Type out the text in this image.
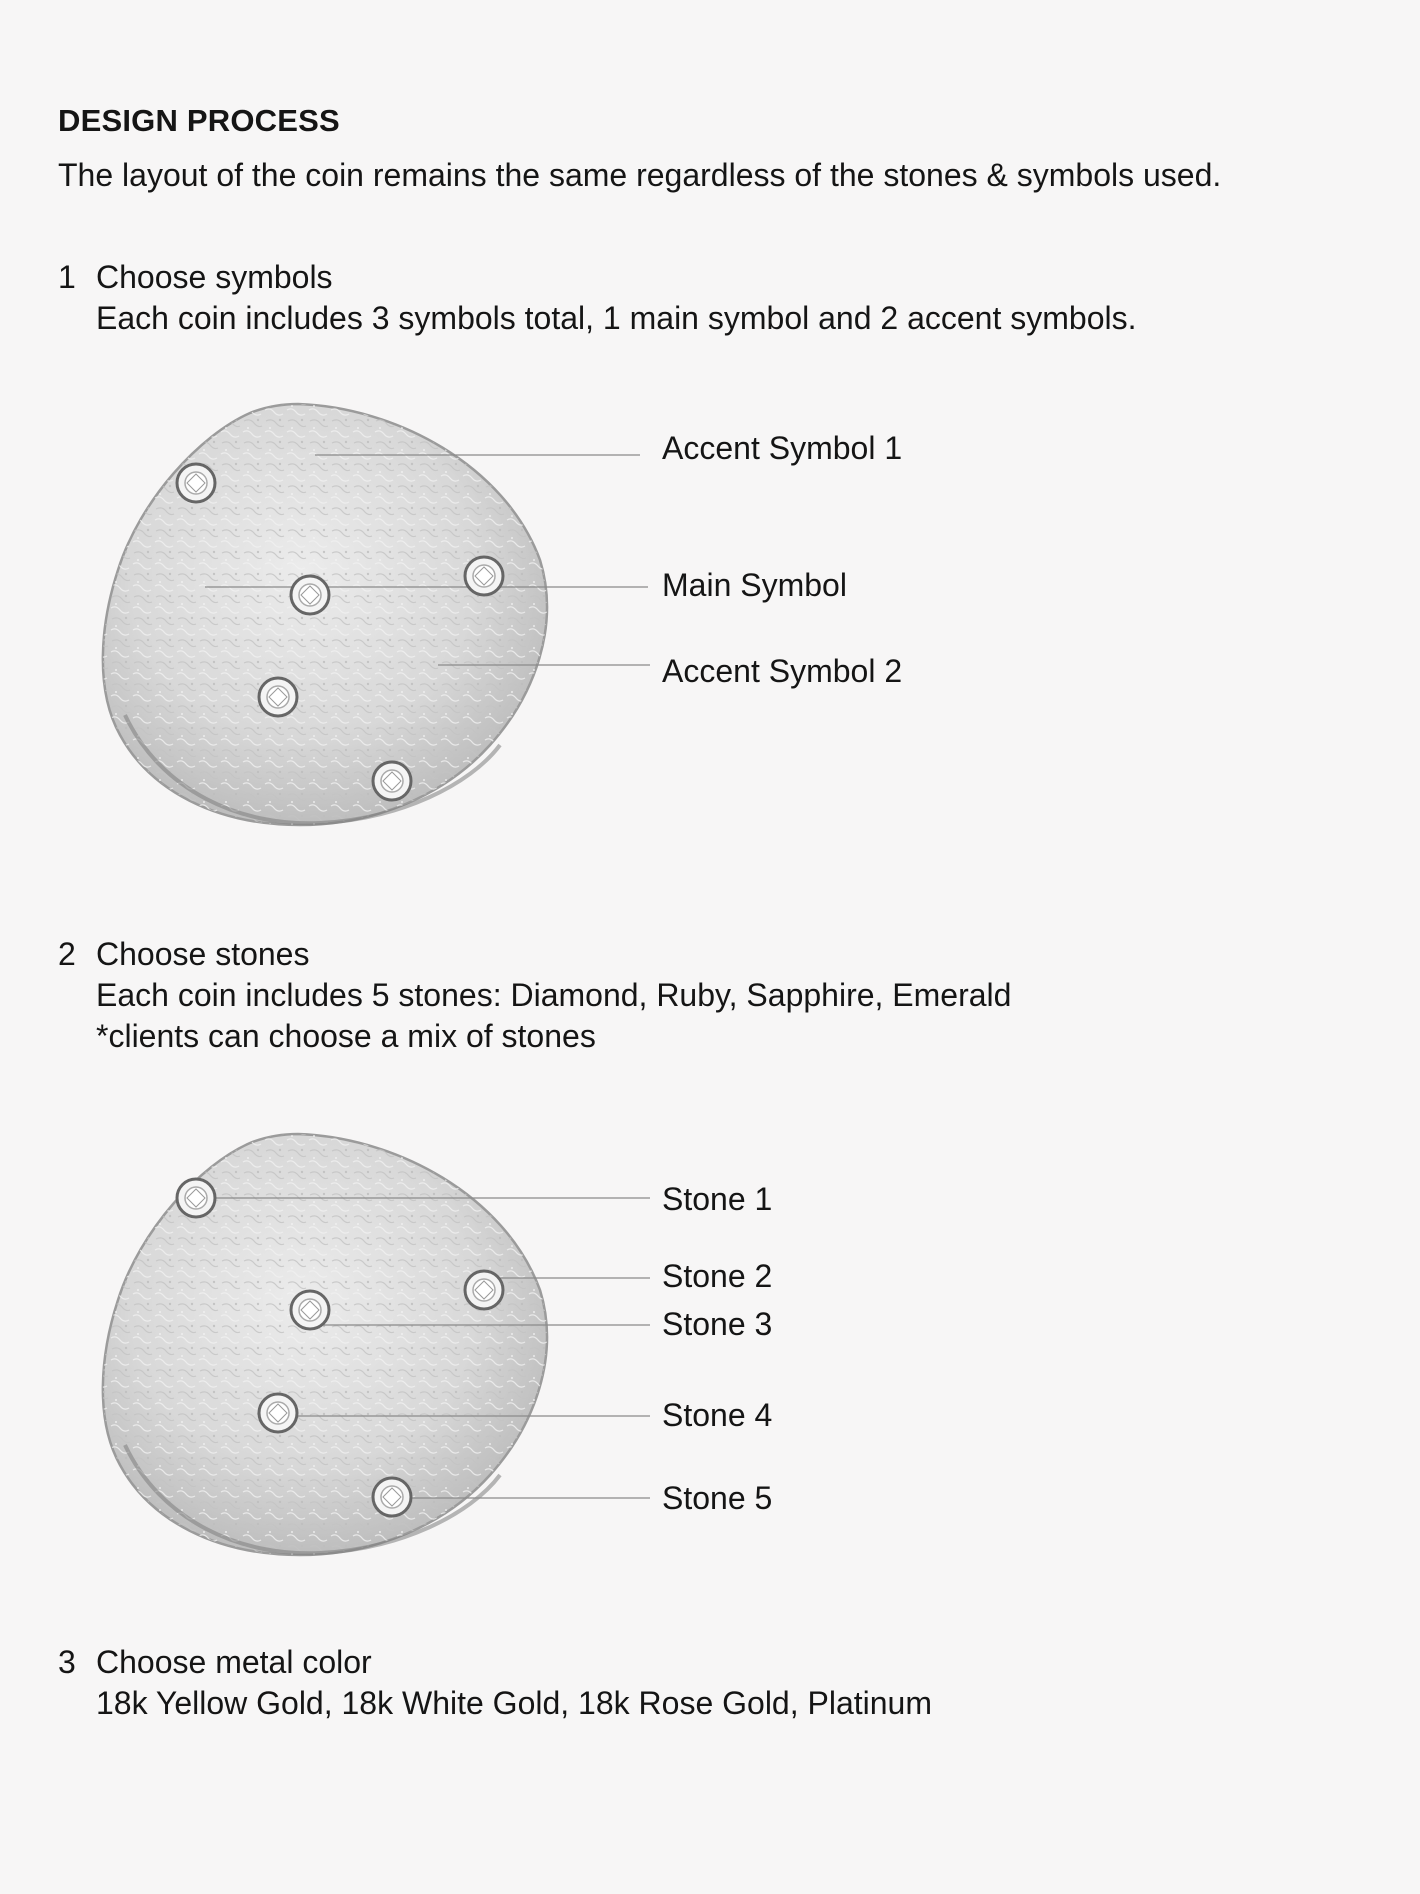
DESIGN PROCESS

The layout of the coin remains the same regardless of the stones & symbols used.

1 Choose symbols
Each coin includes 3 symbols total, 1 main symbol and 2 accent symbols.
Accent Symbol 1
Main Symbol
Accent Symbol 2
2 Choose stones
Each coin includes 5 stones: Diamond, Ruby, Sapphire, Emerald
*clients can choose a mix of stones
Stone 1
Stone 2
Stone 3
Stone 4
Stone 5
3 Choose metal color
18k Yellow Gold, 18k White Gold, 18k Rose Gold, Platinum
